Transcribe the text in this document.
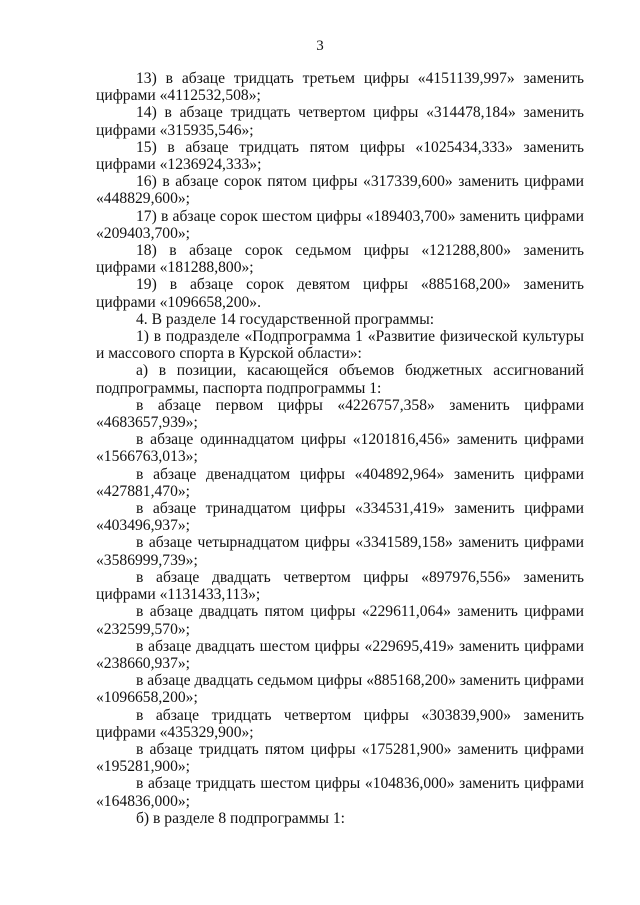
3

13) в абзаце тридцать третьем цифры «4151139,997» заменить цифрами «4112532,508»;

14) в абзаце тридцать четвертом цифры «314478,184» заменить цифрами «315935,546»;

15) в абзаце тридцать пятом цифры «1025434,333» заменить цифрами «1236924,333»;

16) в абзаце сорок пятом цифры «317339,600» заменить цифрами «448829,600»;

17) в абзаце сорок шестом цифры «189403,700» заменить цифрами «209403,700»;

18) в абзаце сорок седьмом цифры «121288,800» заменить цифрами «181288,800»;

19) в абзаце сорок девятом цифры «885168,200» заменить цифрами «1096658,200».

4. В разделе 14 государственной программы:

1) в подразделе «Подпрограмма 1 «Развитие физической культуры и массового спорта в Курской области»:

а) в позиции, касающейся объемов бюджетных ассигнований подпрограммы, паспорта подпрограммы 1:

в абзаце первом цифры «4226757,358» заменить цифрами «4683657,939»;

в абзаце одиннадцатом цифры «1201816,456» заменить цифрами «1566763,013»;

в абзаце двенадцатом цифры «404892,964» заменить цифрами «427881,470»;

в абзаце тринадцатом цифры «334531,419» заменить цифрами «403496,937»;

в абзаце четырнадцатом цифры «3341589,158» заменить цифрами «3586999,739»;

в абзаце двадцать четвертом цифры «897976,556» заменить цифрами «1131433,113»;

в абзаце двадцать пятом цифры «229611,064» заменить цифрами «232599,570»;

в абзаце двадцать шестом цифры «229695,419» заменить цифрами «238660,937»;

в абзаце двадцать седьмом цифры «885168,200» заменить цифрами «1096658,200»;

в абзаце тридцать четвертом цифры «303839,900» заменить цифрами «435329,900»;

в абзаце тридцать пятом цифры «175281,900» заменить цифрами «195281,900»;

в абзаце тридцать шестом цифры «104836,000» заменить цифрами «164836,000»;

б) в разделе 8 подпрограммы 1:
